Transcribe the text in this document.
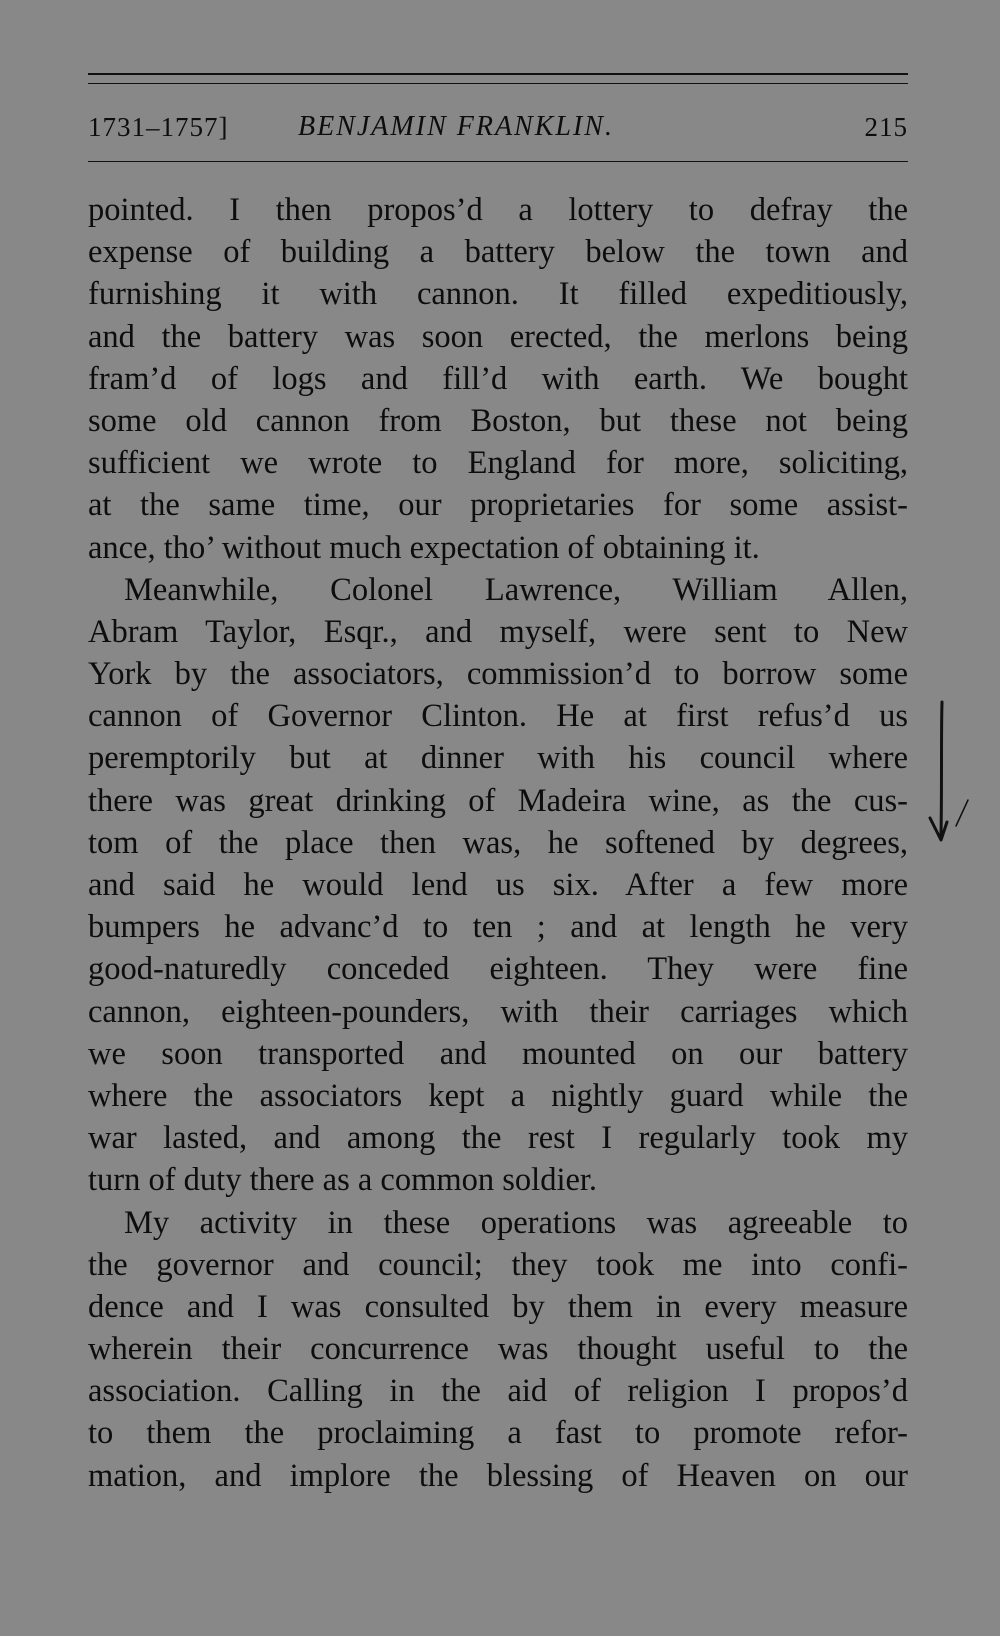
1731–1757] BENJAMIN FRANKLIN.	215
pointed. I then propos’d a lottery to defray the
expense of building a battery below the town and
furnishing it with cannon. It filled expeditiously,
and the battery was soon erected, the merlons being
fram’d of logs and fill’d with earth. We bought
some old cannon from Boston, but these not being
sufficient we wrote to England for more, soliciting,
at the same time, our proprietaries for some assist-
ance, tho’ without much expectation of obtaining it.
Meanwhile, Colonel Lawrence, William Allen,
Abram Taylor, Esqr., and myself, were sent to New
York by the associators, commission’d to borrow some
cannon of Governor Clinton. He at first refus’d us
peremptorily but at dinner with his council where
there was great drinking of Madeira wine, as the cus-
tom of the place then was, he softened by degrees,
and said he would lend us six. After a few more
bumpers he advanc’d to ten ; and at length he very
good-naturedly conceded eighteen. They were fine
cannon, eighteen-pounders, with their carriages which
we soon transported and mounted on our battery
where the associators kept a nightly guard while the
war lasted, and among the rest I regularly took my
turn of duty there as a common soldier.
My activity in these operations was agreeable to
the governor and council; they took me into confi-
dence and I was consulted by them in every measure
wherein their concurrence was thought useful to the
association. Calling in the aid of religion I propos’d
to them the proclaiming a fast to promote refor-
mation, and implore the blessing of Heaven on our
